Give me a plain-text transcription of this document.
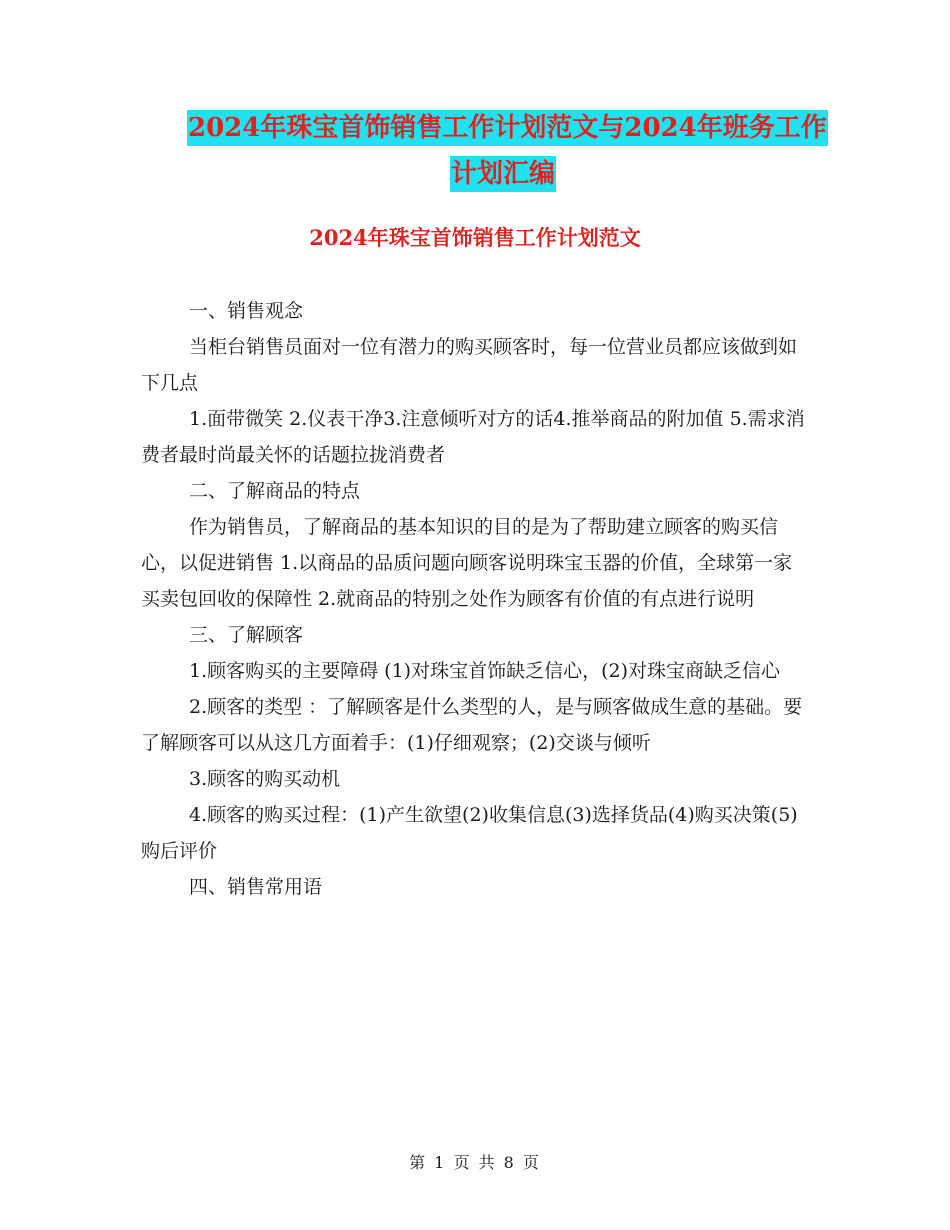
2024年珠宝首饰销售工作计划范文与2024年班务工作
计划汇编
2024年珠宝首饰销售工作计划范文

一、销售观念

当柜台销售员面对一位有潜力的购买顾客时，每一位营业员都应该做到如下几点

1.面带微笑 2.仪表干净3.注意倾听对方的话4.推举商品的附加值 5.需求消费者最时尚最关怀的话题拉拢消费者

二、了解商品的特点

作为销售员，了解商品的基本知识的目的是为了帮助建立顾客的购买信心，以促进销售 1.以商品的品质问题向顾客说明珠宝玉器的价值，全球第一家买卖包回收的保障性 2.就商品的特别之处作为顾客有价值的有点进行说明

三、了解顾客

1.顾客购买的主要障碍 (1)对珠宝首饰缺乏信心，(2)对珠宝商缺乏信心

2.顾客的类型 ：了解顾客是什么类型的人，是与顾客做成生意的基础。要了解顾客可以从这几方面着手：(1)仔细观察；(2)交谈与倾听

3.顾客的购买动机

4.顾客的购买过程：(1)产生欲望(2)收集信息(3)选择货品(4)购买决策(5)购后评价

四、销售常用语

第 1 页 共 8 页
